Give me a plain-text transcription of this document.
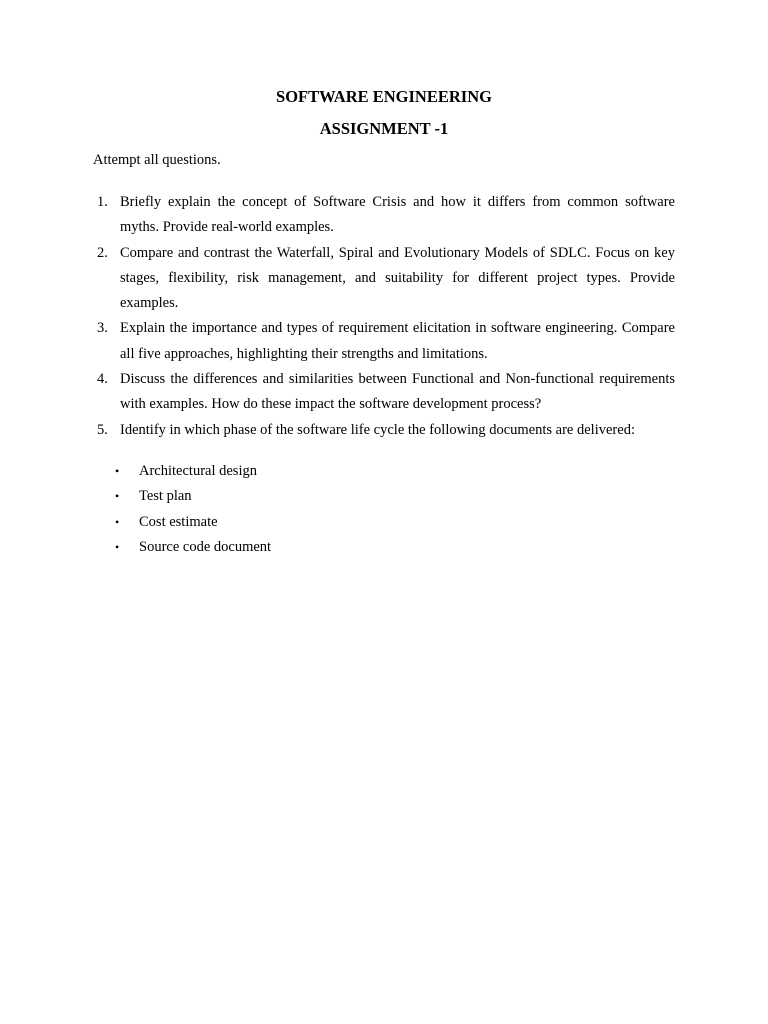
SOFTWARE ENGINEERING
ASSIGNMENT -1
Attempt all questions.
1. Briefly explain the concept of Software Crisis and how it differs from common software myths. Provide real-world examples.
2. Compare and contrast the Waterfall, Spiral and Evolutionary Models of SDLC. Focus on key stages, flexibility, risk management, and suitability for different project types. Provide examples.
3. Explain the importance and types of requirement elicitation in software engineering. Compare all five approaches, highlighting their strengths and limitations.
4. Discuss the differences and similarities between Functional and Non-functional requirements with examples. How do these impact the software development process?
5. Identify in which phase of the software life cycle the following documents are delivered:
• Architectural design
• Test plan
• Cost estimate
• Source code document
